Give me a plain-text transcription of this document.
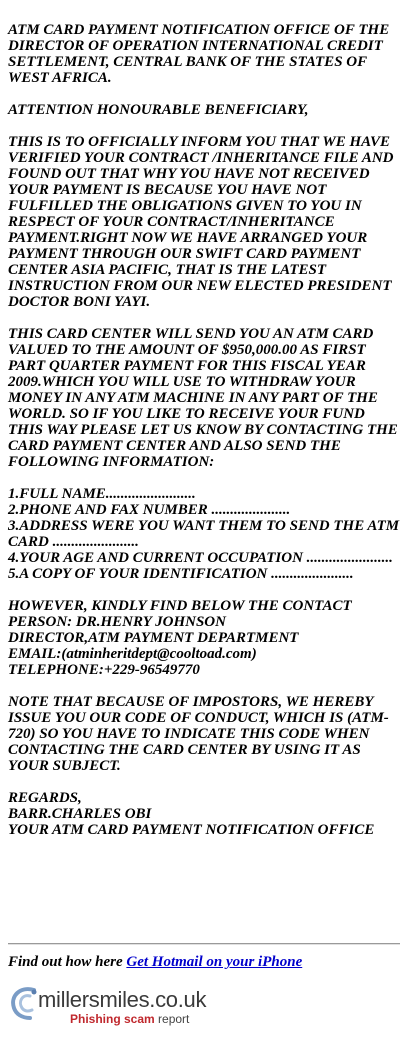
ATM CARD PAYMENT NOTIFICATION OFFICE OF THE DIRECTOR OF OPERATION INTERNATIONAL CREDIT SETTLEMENT, CENTRAL BANK OF THE STATES OF WEST AFRICA.

ATTENTION HONOURABLE BENEFICIARY,

THIS IS TO OFFICIALLY INFORM YOU THAT WE HAVE VERIFIED YOUR CONTRACT /INHERITANCE FILE AND FOUND OUT THAT WHY YOU HAVE NOT RECEIVED YOUR PAYMENT IS BECAUSE YOU HAVE NOT FULFILLED THE OBLIGATIONS GIVEN TO YOU IN RESPECT OF YOUR CONTRACT/INHERITANCE PAYMENT.RIGHT NOW WE HAVE ARRANGED YOUR PAYMENT THROUGH OUR SWIFT CARD PAYMENT CENTER ASIA PACIFIC, THAT IS THE LATEST INSTRUCTION FROM OUR NEW ELECTED PRESIDENT DOCTOR BONI YAYI.

THIS CARD CENTER WILL SEND YOU AN ATM CARD VALUED TO THE AMOUNT OF $950,000.00 AS FIRST PART QUARTER PAYMENT FOR THIS FISCAL YEAR 2009.WHICH YOU WILL USE TO WITHDRAW YOUR MONEY IN ANY ATM MACHINE IN ANY PART OF THE WORLD. SO IF YOU LIKE TO RECEIVE YOUR FUND THIS WAY PLEASE LET US KNOW BY CONTACTING THE CARD PAYMENT CENTER AND ALSO SEND THE FOLLOWING INFORMATION:

1.FULL NAME........................
2.PHONE AND FAX NUMBER .....................
3.ADDRESS WERE YOU WANT THEM TO SEND THE ATM CARD .......................
4.YOUR AGE AND CURRENT OCCUPATION .......................
5.A COPY OF YOUR IDENTIFICATION ......................

HOWEVER, KINDLY FIND BELOW THE CONTACT PERSON: DR.HENRY JOHNSON
DIRECTOR,ATM PAYMENT DEPARTMENT
EMAIL:(atminheritdept@cooltoad.com)
TELEPHONE:+229-96549770

NOTE THAT BECAUSE OF IMPOSTORS, WE HEREBY ISSUE YOU OUR CODE OF CONDUCT, WHICH IS (ATM-720) SO YOU HAVE TO INDICATE THIS CODE WHEN CONTACTING THE CARD CENTER BY USING IT AS YOUR SUBJECT.

REGARDS,
BARR.CHARLES OBI
YOUR ATM CARD PAYMENT NOTIFICATION OFFICE

Find out how here Get Hotmail on your iPhone
millersmiles.co.uk
Phishing scam report
